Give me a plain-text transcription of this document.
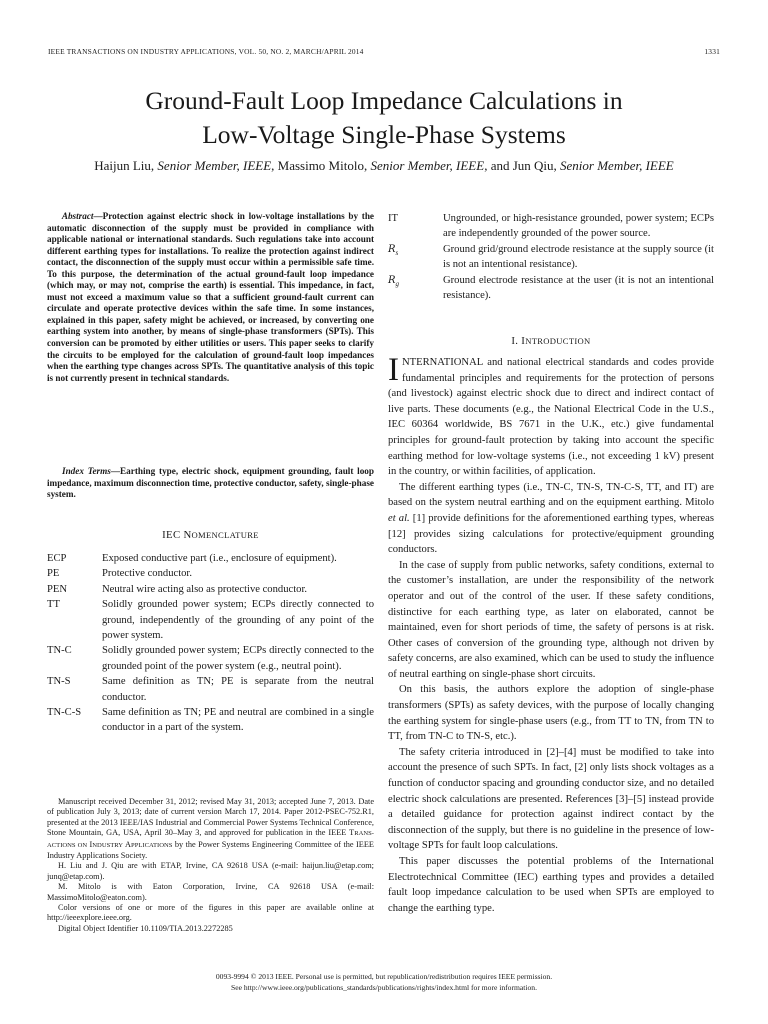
IEEE TRANSACTIONS ON INDUSTRY APPLICATIONS, VOL. 50, NO. 2, MARCH/APRIL 2014	1331
Ground-Fault Loop Impedance Calculations in
Low-Voltage Single-Phase Systems
Haijun Liu, Senior Member, IEEE, Massimo Mitolo, Senior Member, IEEE, and Jun Qiu, Senior Member, IEEE
Abstract—Protection against electric shock in low-voltage installations by the automatic disconnection of the supply must be provided in compliance with applicable national or international standards. Such regulations take into account different earthing types for installations. To realize the protection against indirect contact, the disconnection of the supply must occur within a permissible safe time. To this purpose, the determination of the actual ground-fault loop impedance (which may, or may not, comprise the earth) is essential. This impedance, in fact, must not exceed a maximum value so that a sufficient ground-fault current can circulate and operate protective devices within the safe time. In some instances, explained in this paper, safety might be achieved, or increased, by converting one earthing system into another, by means of single-phase transformers (SPTs). This conversion can be promoted by either utilities or users. This paper seeks to clarify the circuits to be employed for the calculation of ground-fault loop impedances when the earthing type changes across SPTs. The quantitative analysis of this topic is not currently present in technical standards.
Index Terms—Earthing type, electric shock, equipment grounding, fault loop impedance, maximum disconnection time, protective conductor, safety, single-phase system.
IEC NOMENCLATURE
ECP	Exposed conductive part (i.e., enclosure of equipment).
PE	Protective conductor.
PEN	Neutral wire acting also as protective conductor.
TT	Solidly grounded power system; ECPs directly connected to ground, independently of the grounding of any point of the power system.
TN-C	Solidly grounded power system; ECPs directly connected to the grounded point of the power system (e.g., neutral point).
TN-S	Same definition as TN; PE is separate from the neutral conductor.
TN-C-S	Same definition as TN; PE and neutral are combined in a single conductor in a part of the system.
IT	Ungrounded, or high-resistance grounded, power system; ECPs are independently grounded of the power source.
$R_s$	Ground grid/ground electrode resistance at the supply source (it is not an intentional resistance).
$R_g$	Ground electrode resistance at the user (it is not an intentional resistance).
I. INTRODUCTION

INTERNATIONAL and national electrical standards and codes provide fundamental principles and requirements for the protection of persons (and livestock) against electric shock due to direct and indirect contact of live parts. These documents (e.g., the National Electrical Code in the U.S., IEC 60364 worldwide, BS 7671 in the U.K., etc.) give fundamental principles for ground-fault protection by taking into account the specific earthing method for low-voltage systems (i.e., not exceeding 1 kV) present in the country, or within facilities, of application.

The different earthing types (i.e., TN-C, TN-S, TN-C-S, TT, and IT) are based on the system neutral earthing and on the equipment earthing. Mitolo et al. [1] provide definitions for the aforementioned earthing types, whereas [12] provides sizing calculations for protective/equipment grounding conductors.

In the case of supply from public networks, safety conditions, external to the customer’s installation, are under the responsibility of the network operator and out of the control of the user. If these safety conditions, distinctive for each earthing type, as later on elaborated, cannot be maintained, even for short periods of time, the safety of persons is at risk. Other cases of conversion of the grounding type, although not driven by safety concerns, are also examined, which can be used to study the influence of neutral earthing on single-phase short circuits.

On this basis, the authors explore the adoption of single-phase transformers (SPTs) as safety devices, with the purpose of locally changing the earthing system for single-phase users (e.g., from TT to TN, from TN to TT, from TN-C to TN-S, etc.).

The safety criteria introduced in [2]–[4] must be modified to take into account the presence of such SPTs. In fact, [2] only lists shock voltages as a function of conductor spacing and grounding conductor size, and no detailed electric shock calculations are presented. References [3]–[5] instead provide a detailed guidance for protection against indirect contact by the disconnection of the supply, but there is no guideline in the presence of low-voltage SPTs for fault loop calculations.

This paper discusses the potential problems of the International Electrotechnical Committee (IEC) earthing types and provides a detailed fault loop impedance calculation to be used when SPTs are employed to change the earthing type.

Manuscript received December 31, 2012; revised May 31, 2013; accepted June 7, 2013. Date of publication July 3, 2013; date of current version March 17, 2014. Paper 2012-PSEC-752.R1, presented at the 2013 IEEE/IAS Industrial and Commercial Power Systems Technical Conference, Stone Mountain, GA, USA, April 30–May 3, and approved for publication in the IEEE TRANS-ACTIONS ON INDUSTRY APPLICATIONS by the Power Systems Engineering Committee of the IEEE Industry Applications Society.

H. Liu and J. Qiu are with ETAP, Irvine, CA 92618 USA (e-mail: haijun.liu@etap.com; junq@etap.com).

M. Mitolo is with Eaton Corporation, Irvine, CA 92618 USA (e-mail: MassimoMitolo@eaton.com).

Color versions of one or more of the figures in this paper are available online at http://ieeexplore.ieee.org.

Digital Object Identifier 10.1109/TIA.2013.2272285

0093-9994 © 2013 IEEE. Personal use is permitted, but republication/redistribution requires IEEE permission.
See http://www.ieee.org/publications_standards/publications/rights/index.html for more information.
